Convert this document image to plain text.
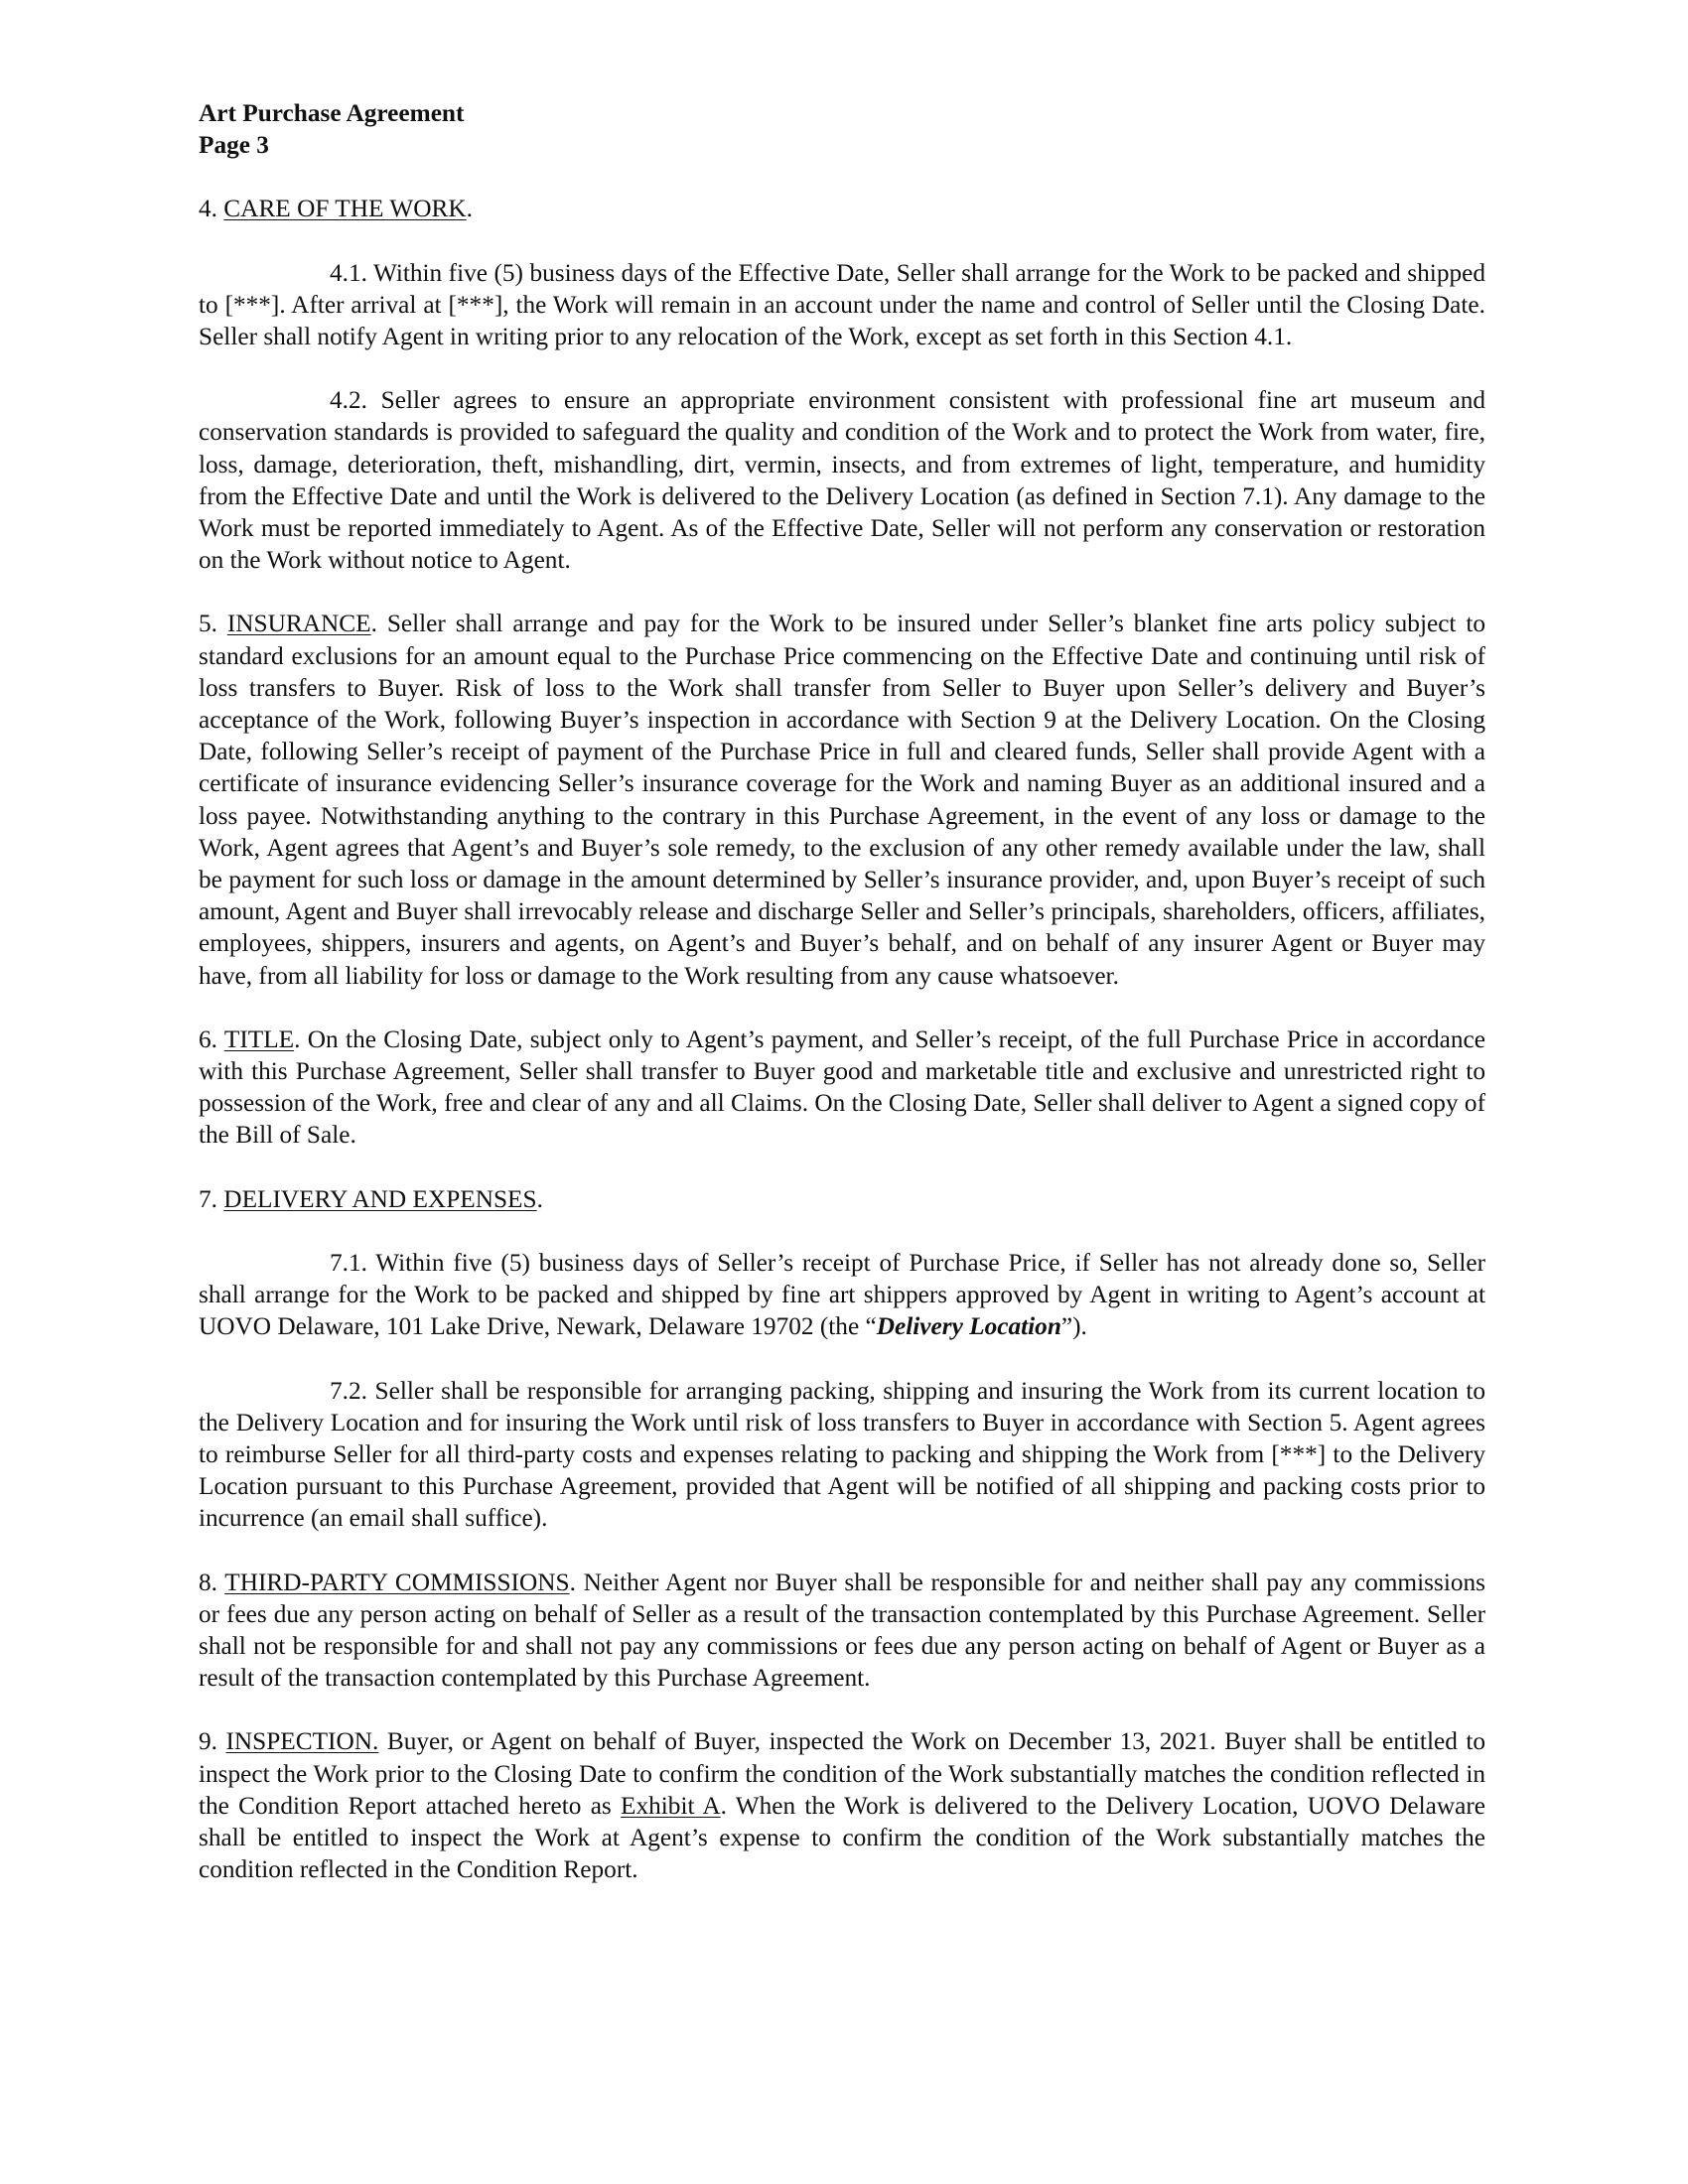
Art Purchase Agreement
Page 3
4. CARE OF THE WORK.

4.1. Within five (5) business days of the Effective Date, Seller shall arrange for the Work to be packed and shipped to [***]. After arrival at [***], the Work will remain in an account under the name and control of Seller until the Closing Date. Seller shall notify Agent in writing prior to any relocation of the Work, except as set forth in this Section 4.1.

4.2. Seller agrees to ensure an appropriate environment consistent with professional fine art museum and conservation standards is provided to safeguard the quality and condition of the Work and to protect the Work from water, fire, loss, damage, deterioration, theft, mishandling, dirt, vermin, insects, and from extremes of light, temperature, and humidity from the Effective Date and until the Work is delivered to the Delivery Location (as defined in Section 7.1). Any damage to the Work must be reported immediately to Agent. As of the Effective Date, Seller will not perform any conservation or restoration on the Work without notice to Agent.

5. INSURANCE. Seller shall arrange and pay for the Work to be insured under Seller’s blanket fine arts policy subject to standard exclusions for an amount equal to the Purchase Price commencing on the Effective Date and continuing until risk of loss transfers to Buyer. Risk of loss to the Work shall transfer from Seller to Buyer upon Seller’s delivery and Buyer’s acceptance of the Work, following Buyer’s inspection in accordance with Section 9 at the Delivery Location. On the Closing Date, following Seller’s receipt of payment of the Purchase Price in full and cleared funds, Seller shall provide Agent with a certificate of insurance evidencing Seller’s insurance coverage for the Work and naming Buyer as an additional insured and a loss payee. Notwithstanding anything to the contrary in this Purchase Agreement, in the event of any loss or damage to the Work, Agent agrees that Agent’s and Buyer’s sole remedy, to the exclusion of any other remedy available under the law, shall be payment for such loss or damage in the amount determined by Seller’s insurance provider, and, upon Buyer’s receipt of such amount, Agent and Buyer shall irrevocably release and discharge Seller and Seller’s principals, shareholders, officers, affiliates, employees, shippers, insurers and agents, on Agent’s and Buyer’s behalf, and on behalf of any insurer Agent or Buyer may have, from all liability for loss or damage to the Work resulting from any cause whatsoever.

6. TITLE. On the Closing Date, subject only to Agent’s payment, and Seller’s receipt, of the full Purchase Price in accordance with this Purchase Agreement, Seller shall transfer to Buyer good and marketable title and exclusive and unrestricted right to possession of the Work, free and clear of any and all Claims. On the Closing Date, Seller shall deliver to Agent a signed copy of the Bill of Sale.

7. DELIVERY AND EXPENSES.

7.1. Within five (5) business days of Seller’s receipt of Purchase Price, if Seller has not already done so, Seller shall arrange for the Work to be packed and shipped by fine art shippers approved by Agent in writing to Agent’s account at UOVO Delaware, 101 Lake Drive, Newark, Delaware 19702 (the “Delivery Location”).

7.2. Seller shall be responsible for arranging packing, shipping and insuring the Work from its current location to the Delivery Location and for insuring the Work until risk of loss transfers to Buyer in accordance with Section 5. Agent agrees to reimburse Seller for all third-party costs and expenses relating to packing and shipping the Work from [***] to the Delivery Location pursuant to this Purchase Agreement, provided that Agent will be notified of all shipping and packing costs prior to incurrence (an email shall suffice).

8. THIRD-PARTY COMMISSIONS. Neither Agent nor Buyer shall be responsible for and neither shall pay any commissions or fees due any person acting on behalf of Seller as a result of the transaction contemplated by this Purchase Agreement. Seller shall not be responsible for and shall not pay any commissions or fees due any person acting on behalf of Agent or Buyer as a result of the transaction contemplated by this Purchase Agreement.

9. INSPECTION. Buyer, or Agent on behalf of Buyer, inspected the Work on December 13, 2021. Buyer shall be entitled to inspect the Work prior to the Closing Date to confirm the condition of the Work substantially matches the condition reflected in the Condition Report attached hereto as Exhibit A. When the Work is delivered to the Delivery Location, UOVO Delaware shall be entitled to inspect the Work at Agent’s expense to confirm the condition of the Work substantially matches the condition reflected in the Condition Report.
